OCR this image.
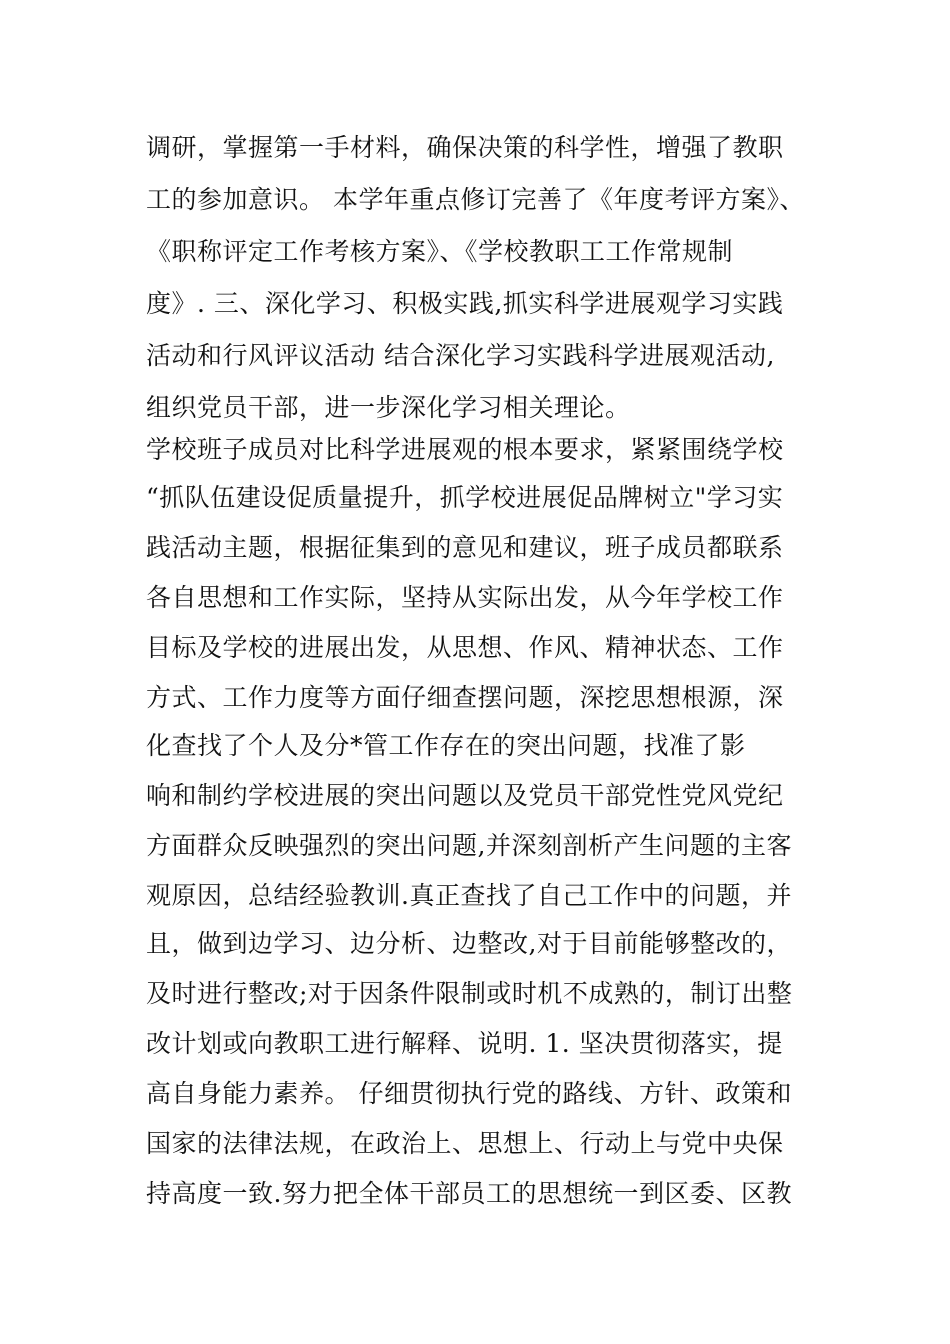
调研，掌握第一手材料，确保决策的科学性，增强了教职
工的参加意识。 本学年重点修订完善了《年度考评方案》、
《职称评定工作考核方案》、《学校教职工工作常规制
度》. 三、深化学习、积极实践,抓实科学进展观学习实践
活动和行风评议活动 结合深化学习实践科学进展观活动,
组织党员干部，进一步深化学习相关理论。
学校班子成员对比科学进展观的根本要求，紧紧围绕学校
“抓队伍建设促质量提升，抓学校进展促品牌树立"学习实
践活动主题，根据征集到的意见和建议，班子成员都联系
各自思想和工作实际，坚持从实际出发，从今年学校工作
目标及学校的进展出发，从思想、作风、精神状态、工作
方式、工作力度等方面仔细查摆问题，深挖思想根源，深
化查找了个人及分*管工作存在的突出问题，找准了影
响和制约学校进展的突出问题以及党员干部党性党风党纪
方面群众反映强烈的突出问题,并深刻剖析产生问题的主客
观原因，总结经验教训.真正查找了自己工作中的问题，并
且，做到边学习、边分析、边整改,对于目前能够整改的，
及时进行整改;对于因条件限制或时机不成熟的，制订出整
改计划或向教职工进行解释、说明. 1. 坚决贯彻落实，提
高自身能力素养。 仔细贯彻执行党的路线、方针、政策和
国家的法律法规，在政治上、思想上、行动上与党中央保
持高度一致.努力把全体干部员工的思想统一到区委、区教
